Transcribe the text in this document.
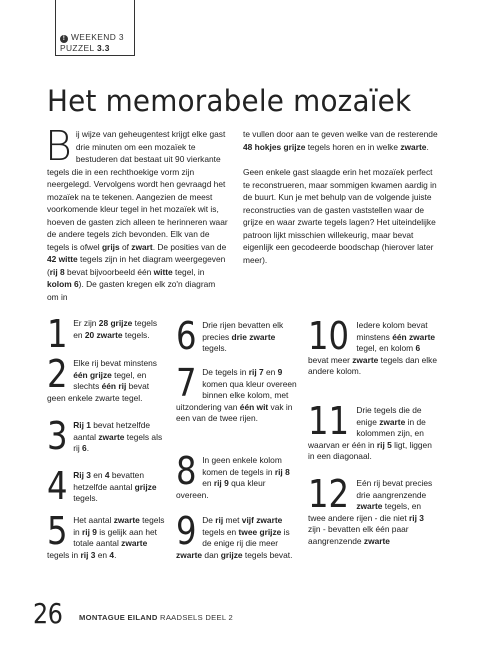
! WEEKEND 3
PUZZEL 3.3
Het memorabele mozaïek
B ij wijze van geheugentest krijgt elke gast drie minuten om een mozaïek te bestuderen dat bestaat uit 90 vierkante tegels die in een rechthoekige vorm zijn neergelegd. Vervolgens wordt hen gevraagd het mozaïek na te tekenen. Aangezien de meest voorkomende kleur tegel in het mozaïek wit is, hoeven de gasten zich alleen te herinneren waar de andere tegels zich bevonden. Elk van de tegels is ofwel grijs of zwart. De posities van de 42 witte tegels zijn in het diagram weergegeven (rij 8 bevat bijvoorbeeld één witte tegel, in kolom 6). De gasten kregen elk zo'n diagram om in

te vullen door aan te geven welke van de resterende 48 hokjes grijze tegels horen en in welke zwarte.

Geen enkele gast slaagde erin het mozaïek perfect te reconstrueren, maar sommigen kwamen aardig in de buurt. Kun je met behulp van de volgende juiste reconstructies van de gasten vaststellen waar de grijze en waar zwarte tegels lagen? Het uiteindelijke patroon lijkt misschien willekeurig, maar bevat eigenlijk een gecodeerde boodschap (hierover later meer).

1 Er zijn 28 grijze tegels en 20 zwarte tegels.
2 Elke rij bevat minstens één grijze tegel, en slechts één rij bevat geen enkele zwarte tegel.
3 Rij 1 bevat hetzelfde aantal zwarte tegels als rij 6.
4 Rij 3 en 4 bevatten hetzelfde aantal grijze tegels.
5 Het aantal zwarte tegels in rij 9 is gelijk aan het totale aantal zwarte tegels in rij 3 en 4.
6 Drie rijen bevatten elk precies drie zwarte tegels.
7 De tegels in rij 7 en 9 komen qua kleur overeen binnen elke kolom, met uitzondering van één wit vak in een van de twee rijen.
8 In geen enkele kolom komen de tegels in rij 8 en rij 9 qua kleur overeen.
9 De rij met vijf zwarte tegels en twee grijze is de enige rij die meer zwarte dan grijze tegels bevat.
10 Iedere kolom bevat minstens één zwarte tegel, en kolom 6 bevat meer zwarte tegels dan elke andere kolom.
11 Drie tegels die de enige zwarte in de kolommen zijn, en waarvan er één in rij 5 ligt, liggen in een diagonaal.
12 Eén rij bevat precies drie aangrenzende zwarte tegels, en twee andere rijen - die niet rij 3 zijn - bevatten elk één paar aangrenzende zwarte
26 MONTAGUE EILAND RAADSELS DEEL 2
